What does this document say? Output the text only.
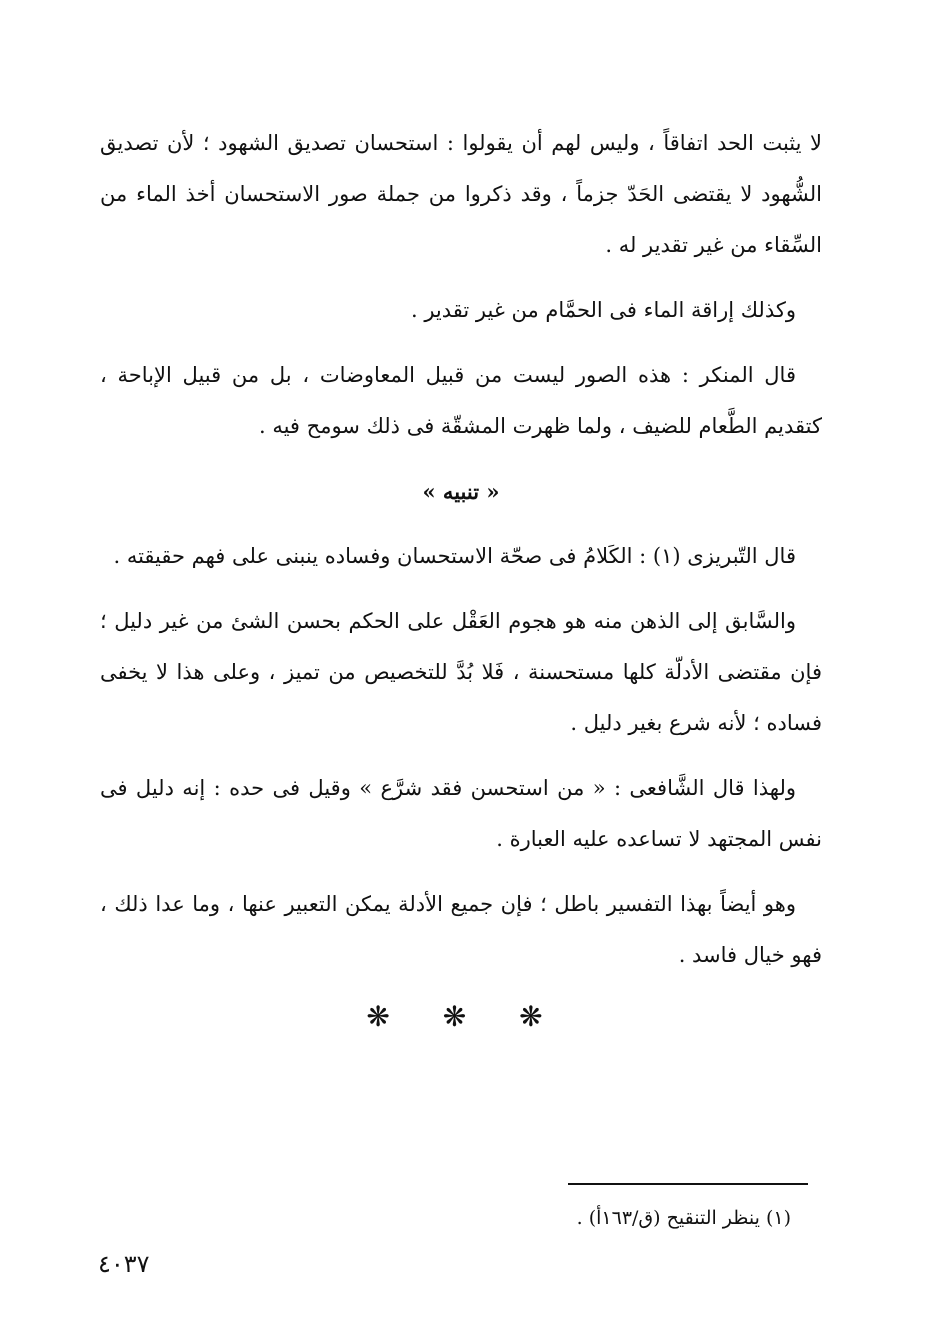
لا يثبت الحد اتفاقاً ، وليس لهم أن يقولوا : استحسان تصديق الشهود ؛ لأن تصديق الشُّهود لا يقتضى الحَدّ جزماً ، وقد ذكروا من جملة صور الاستحسان أخذ الماء من السِّقاء من غير تقدير له .

وكذلك إراقة الماء فى الحمَّام من غير تقدير .

قال المنكر : هذه الصور ليست من قبيل المعاوضات ، بل من قبيل الإباحة ، كتقديم الطَّعام للضيف ، ولما ظهرت المشقّة فى ذلك سومح فيه .

« تنبيه »

قال التّبريزى (١) : الكَلامُ فى صحّة الاستحسان وفساده ينبنى على فهم حقيقته .

والسَّابق إلى الذهن منه هو هجوم العَقْل على الحكم بحسن الشئ من غير دليل ؛ فإن مقتضى الأدلّة كلها مستحسنة ، فَلا بُدَّ للتخصيص من تميز ، وعلى هذا لا يخفى فساده ؛ لأنه شرع بغير دليل .

ولهذا قال الشَّافعى : « من استحسن فقد شرَّع » وقيل فى حده : إنه دليل فى نفس المجتهد لا تساعده عليه العبارة .

وهو أيضاً بهذا التفسير باطل ؛ فإن جميع الأدلة يمكن التعبير عنها ، وما عدا ذلك ، فهو خيال فاسد .

❋ ❋ ❋
(١) ينظر التنقيح (ق/١٦٣أ) .
٤٠٣٧
